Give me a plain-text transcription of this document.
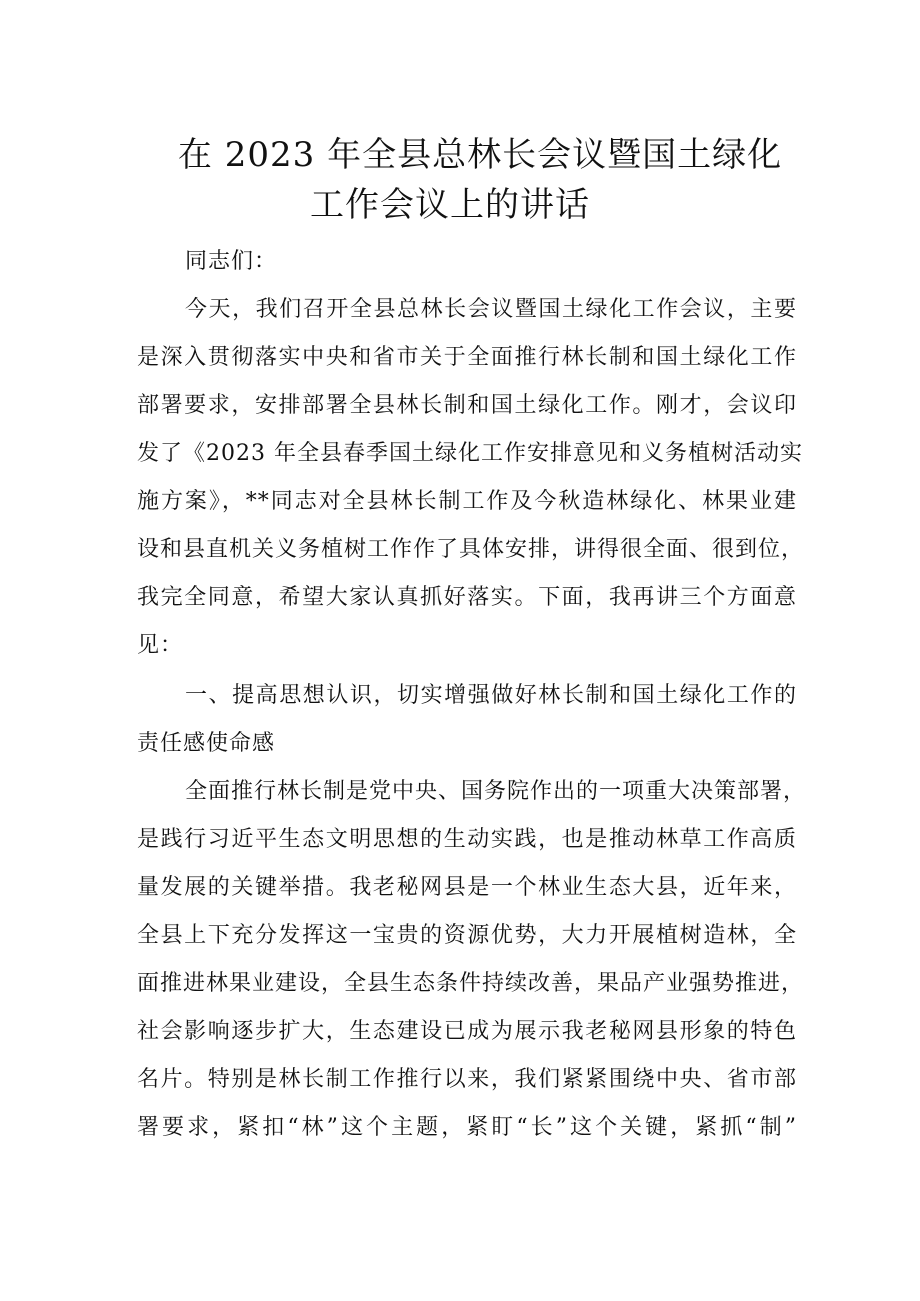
在 2023 年全县总林长会议暨国土绿化
工作会议上的讲话
同志们：
今天，我们召开全县总林长会议暨国土绿化工作会议，主要
是深入贯彻落实中央和省市关于全面推行林长制和国土绿化工作
部署要求，安排部署全县林长制和国土绿化工作。刚才，会议印
发了《2023 年全县春季国土绿化工作安排意见和义务植树活动实
施方案》，**同志对全县林长制工作及今秋造林绿化、林果业建
设和县直机关义务植树工作作了具体安排，讲得很全面、很到位，
我完全同意，希望大家认真抓好落实。下面，我再讲三个方面意
见：
一、提高思想认识，切实增强做好林长制和国土绿化工作的
责任感使命感
全面推行林长制是党中央、国务院作出的一项重大决策部署，
是践行习近平生态文明思想的生动实践，也是推动林草工作高质
量发展的关键举措。我老秘网县是一个林业生态大县，近年来，
全县上下充分发挥这一宝贵的资源优势，大力开展植树造林，全
面推进林果业建设，全县生态条件持续改善，果品产业强势推进，
社会影响逐步扩大，生态建设已成为展示我老秘网县形象的特色
名片。特别是林长制工作推行以来，我们紧紧围绕中央、省市部
署要求，紧扣“林”这个主题，紧盯“长”这个关键，紧抓“制”
